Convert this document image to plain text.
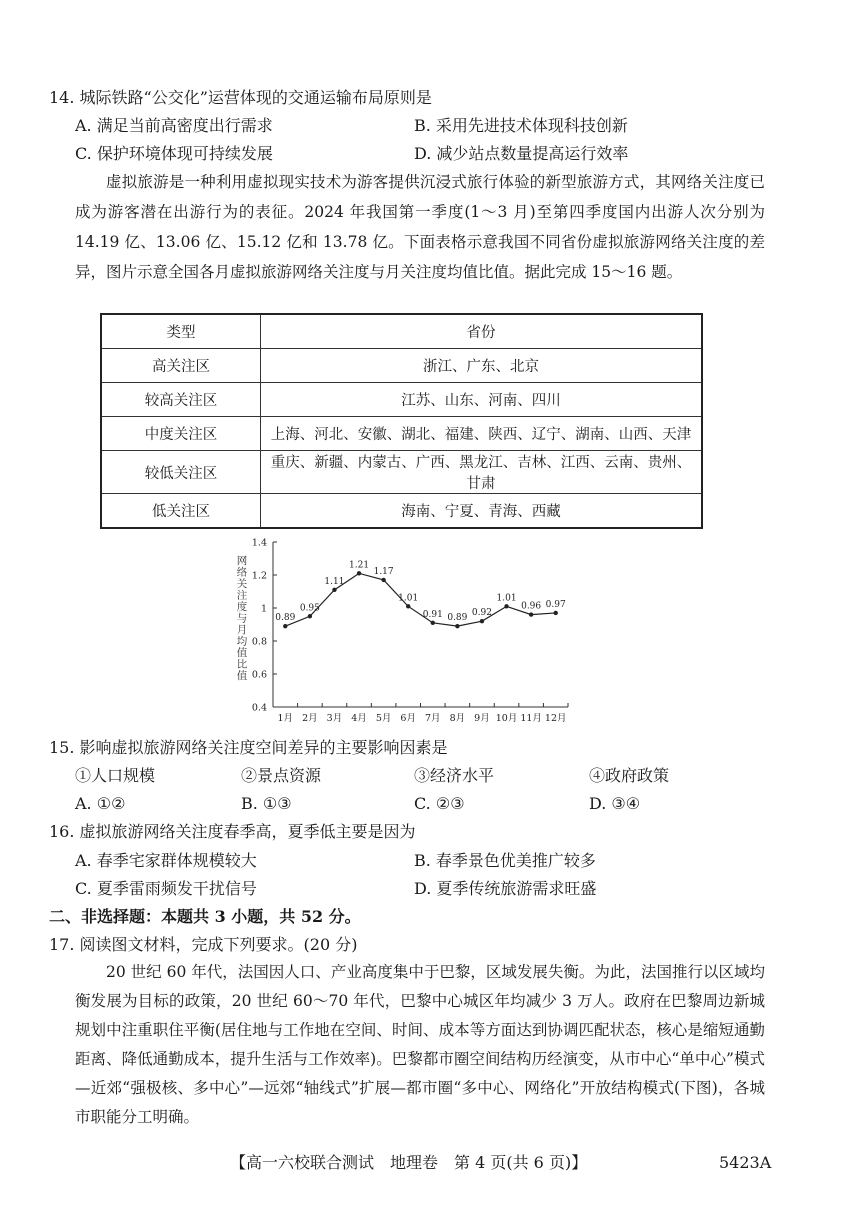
14. 城际铁路“公交化”运营体现的交通运输布局原则是
A. 满足当前高密度出行需求	B. 采用先进技术体现科技创新
C. 保护环境体现可持续发展	D. 减少站点数量提高运行效率
虚拟旅游是一种利用虚拟现实技术为游客提供沉浸式旅行体验的新型旅游方式，其网络关注度已成为游客潜在出游行为的表征。2024 年我国第一季度(1～3 月)至第四季度国内出游人次分别为 14.19 亿、13.06 亿、15.12 亿和 13.78 亿。下面表格示意我国不同省份虚拟旅游网络关注度的差异，图片示意全国各月虚拟旅游网络关注度与月关注度均值比值。据此完成 15～16 题。
类型	省份
高关注区	浙江、广东、北京
较高关注区	江苏、山东、河南、四川
中度关注区	上海、河北、安徽、湖北、福建、陕西、辽宁、湖南、山西、天津
较低关注区	重庆、新疆、内蒙古、广西、黑龙江、吉林、江西、云南、贵州、甘肃
低关注区	海南、宁夏、青海、西藏
1.4
1.2
1
0.8
0.6
0.4
网
络
关
注
度
与
月
均
值
比
值
1月 2月 3月 4月 5月 6月 7月 8月 9月 10月 11月 12月
0.89
0.95
1.11
1.21
1.17
1.01
0.91 0.89 0.92
1.01
0.96 0.97
15. 影响虚拟旅游网络关注度空间差异的主要影响因素是
①人口规模	②景点资源	③经济水平	④政府政策
A. ①②	B. ①③	C. ②③	D. ③④
16. 虚拟旅游网络关注度春季高，夏季低主要是因为
A. 春季宅家群体规模较大	B. 春季景色优美推广较多
C. 夏季雷雨频发干扰信号	D. 夏季传统旅游需求旺盛
二、非选择题：本题共 3 小题，共 52 分。
17. 阅读图文材料，完成下列要求。(20 分)
20 世纪 60 年代，法国因人口、产业高度集中于巴黎，区域发展失衡。为此，法国推行以区域均衡发展为目标的政策，20 世纪 60～70 年代，巴黎中心城区年均减少 3 万人。政府在巴黎周边新城规划中注重职住平衡(居住地与工作地在空间、时间、成本等方面达到协调匹配状态，核心是缩短通勤距离、降低通勤成本，提升生活与工作效率)。巴黎都市圈空间结构历经演变，从市中心“单中心”模式—近郊“强极核、多中心”—远郊“轴线式”扩展—都市圈“多中心、网络化”开放结构模式(下图)，各城市职能分工明确。
【高一六校联合测试　地理卷　第 4 页(共 6 页)】	5423A
